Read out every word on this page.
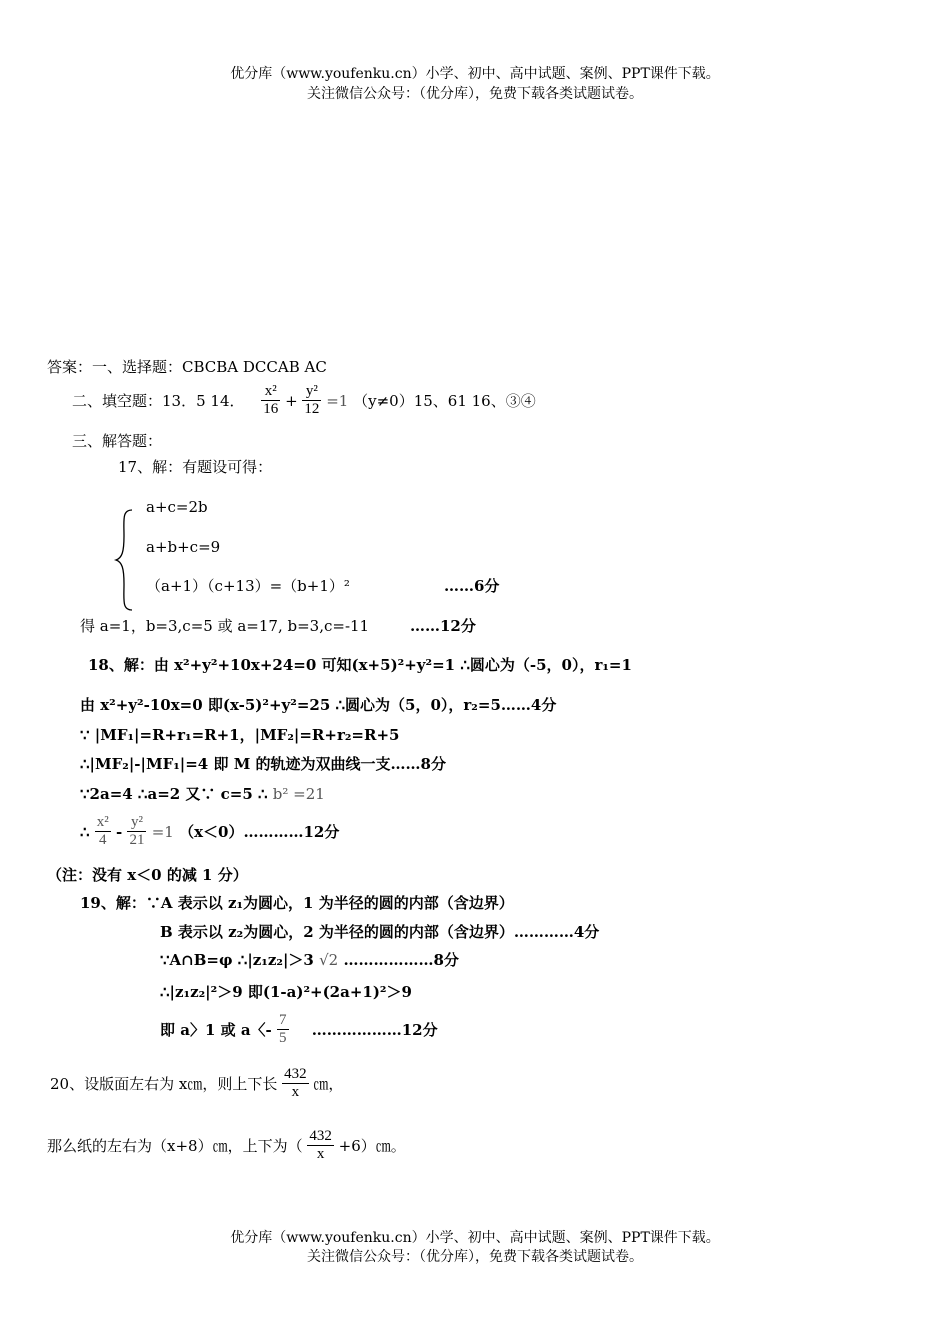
优分库（www.youfenku.cn）小学、初中、高中试题、案例、PPT课件下载。
关注微信公众号：（优分库），免费下载各类试题试卷。
答案：一、选择题：CBCBA DCCAB AC
二、填空题：13．5 14． $\frac{\text{x²}}{16} + \frac{\text{y²}}{12} =1$ （y≠0）15、61 16、③④
三、解答题：
17、解：有题设可得：
a+c=2b
a+b+c=9
（a+1）（c+13）=（b+1）²	……6分
得 a=1，b=3,c=5 或 a=17, b=3,c=-11	……12分
18、解：由 x²+y²+10x+24=0 可知(x+5)²+y²=1 ∴圆心为（-5，0），r₁=1
由 x²+y²-10x=0 即(x-5)²+y²=25 ∴圆心为（5，0），r₂=5……4分
∵ |MF₁|=R+r₁=R+1，|MF₂|=R+r₂=R+5
∴|MF₂|-|MF₁|=4 即 M 的轨迹为双曲线一支……8分
∵2a=4 ∴a=2 又∵ c=5 ∴ b² =21
∴ $\frac{\text{x²}}{4} - \frac{\text{y²}}{21} =1$ （x＜0）…………12分
（注：没有 x＜0 的减 1 分）
19、解：∵A 表示以 z₁为圆心，1 为半径的圆的内部（含边界）
B 表示以 z₂为圆心，2 为半径的圆的内部（含边界）…………4分
∵A∩B=φ ∴|z₁z₂|＞3 √2 ………………8分
∴|z₁z₂|²＞9 即(1-a)²+(2a+1)²＞9
即 a〉1 或 a〈- $\frac{7}{5}$ ………………12分
20、设版面左右为 x㎝，则上下长 $\frac{432}{x}$ ㎝，
那么纸的左右为（x+8）㎝，上下为（ $\frac{432}{x}$ +6）㎝。
优分库（www.youfenku.cn）小学、初中、高中试题、案例、PPT课件下载。
关注微信公众号：（优分库），免费下载各类试题试卷。
